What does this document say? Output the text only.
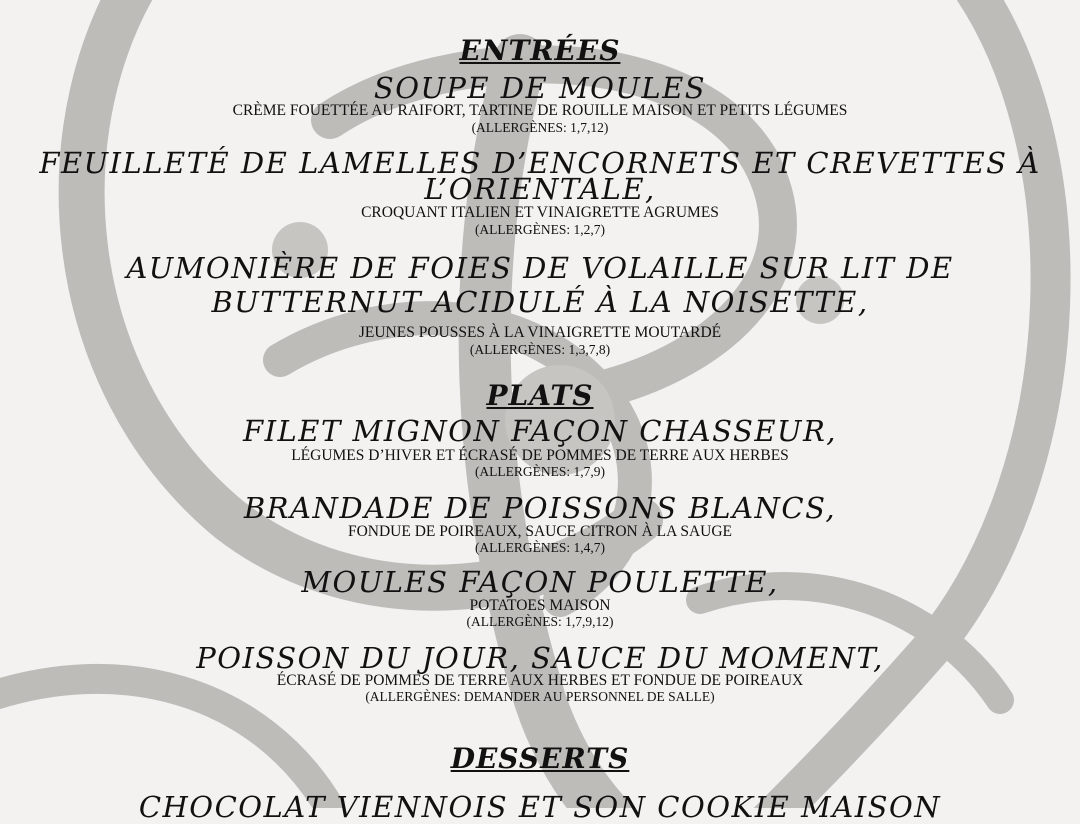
ENTRÉES
SOUPE DE MOULES
CRÈME FOUETTÉE AU RAIFORT, TARTINE DE ROUILLE MAISON ET PETITS LÉGUMES
(ALLERGÈNES: 1,7,12)
FEUILLETÉ DE LAMELLES D’ENCORNETS ET CREVETTES À
L’ORIENTALE,
CROQUANT ITALIEN ET VINAIGRETTE AGRUMES
(ALLERGÈNES: 1,2,7)
AUMONIÈRE DE FOIES DE VOLAILLE SUR LIT DE
BUTTERNUT ACIDULÉ À LA NOISETTE,
JEUNES POUSSES À LA VINAIGRETTE MOUTARDÉ
(ALLERGÈNES: 1,3,7,8)
PLATS
FILET MIGNON FAÇON CHASSEUR,
LÉGUMES D’HIVER ET ÉCRASÉ DE POMMES DE TERRE AUX HERBES
(ALLERGÈNES: 1,7,9)
BRANDADE DE POISSONS BLANCS,
FONDUE DE POIREAUX, SAUCE CITRON À LA SAUGE
(ALLERGÈNES: 1,4,7)
MOULES FAÇON POULETTE,
POTATOES MAISON
(ALLERGÈNES: 1,7,9,12)
POISSON DU JOUR, SAUCE DU MOMENT,
ÉCRASÉ DE POMMES DE TERRE AUX HERBES ET FONDUE DE POIREAUX
(ALLERGÈNES: DEMANDER AU PERSONNEL DE SALLE)
DESSERTS
CHOCOLAT VIENNOIS ET SON COOKIE MAISON
